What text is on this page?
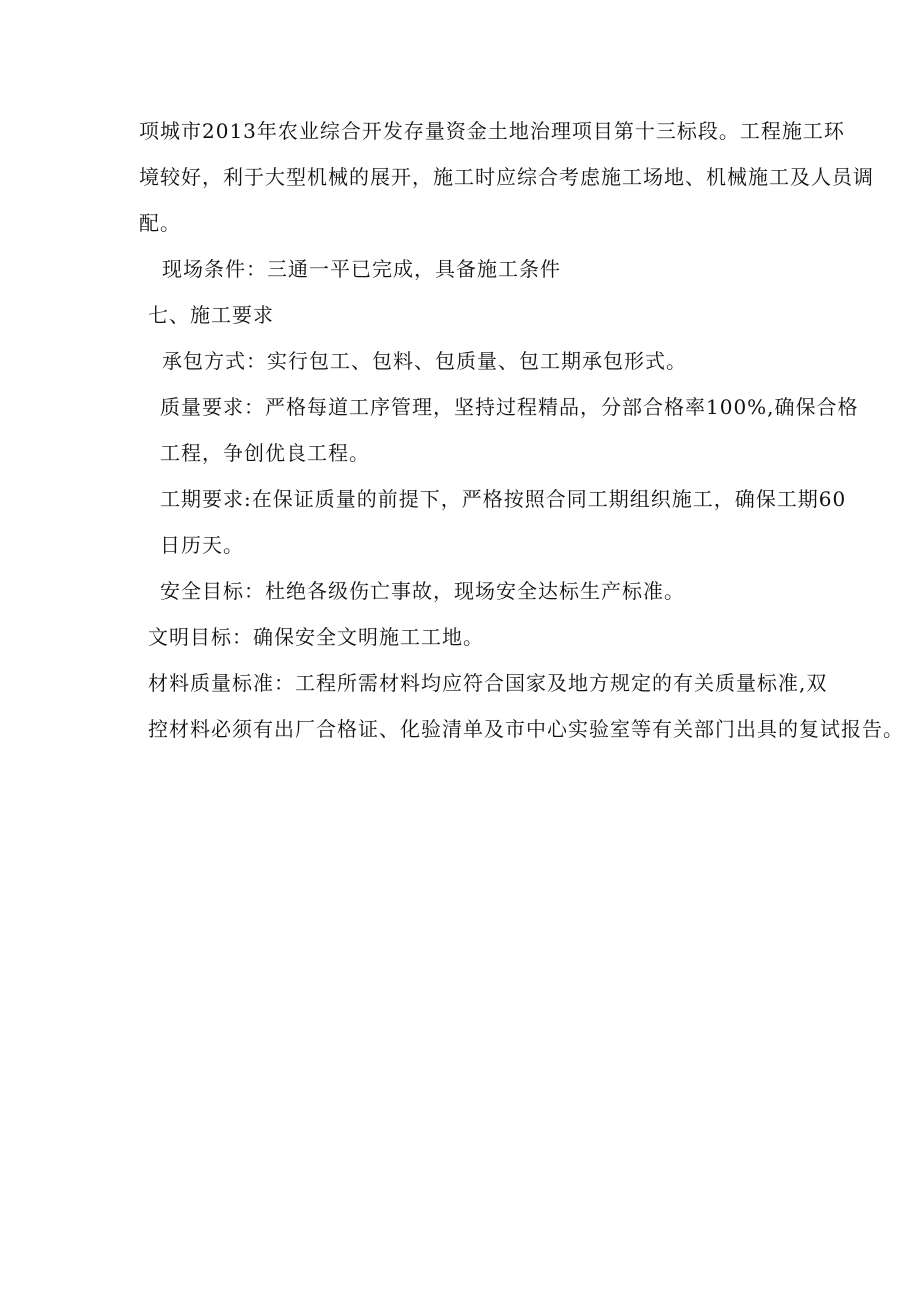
项城市2013年农业综合开发存量资金土地治理项目第十三标段。工程施工环
境较好，利于大型机械的展开，施工时应综合考虑施工场地、机械施工及人员调
配。

现场条件：三通一平已完成，具备施工条件

七、施工要求

承包方式：实行包工、包料、包质量、包工期承包形式。

质量要求：严格每道工序管理，坚持过程精品，分部合格率100%,确保合格
工程，争创优良工程。

工期要求:在保证质量的前提下，严格按照合同工期组织施工，确保工期60
日历天。

安全目标：杜绝各级伤亡事故，现场安全达标生产标准。

文明目标：确保安全文明施工工地。

材料质量标准：工程所需材料均应符合国家及地方规定的有关质量标准,双
控材料必须有出厂合格证、化验清单及市中心实验室等有关部门出具的复试报告。
